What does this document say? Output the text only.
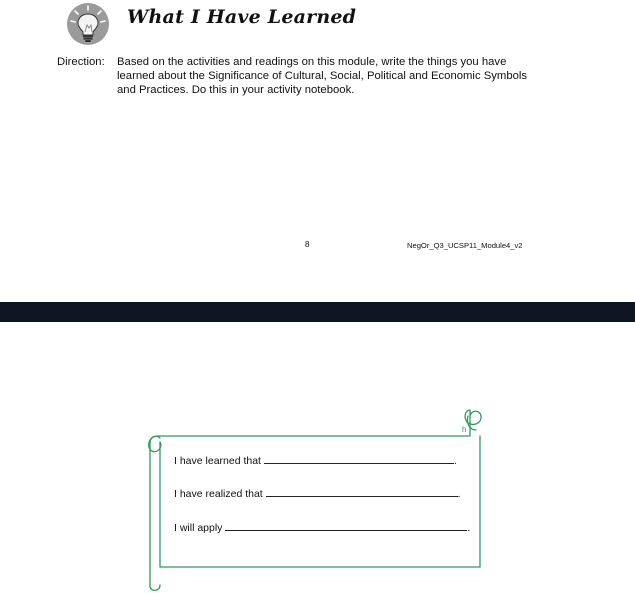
What I Have Learned
Direction: Based on the activities and readings on this module, write the things you have learned about the Significance of Cultural, Social, Political and Economic Symbols and Practices. Do this in your activity notebook.
8	NegOr_Q3_UCSP11_Module4_v2
h
I have learned that	.
I have realized that	.
I will apply	.
